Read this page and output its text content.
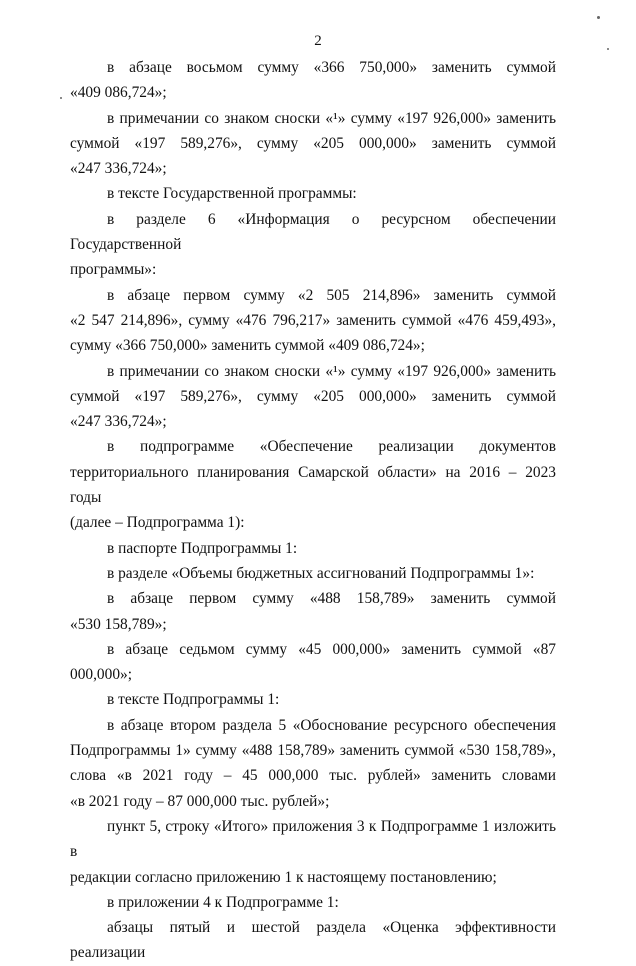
2
в абзаце восьмом сумму «366 750,000» заменить суммой
«409 086,724»;
в примечании со знаком сноски «¹» сумму «197 926,000» заменить
суммой «197 589,276», сумму «205 000,000» заменить суммой
«247 336,724»;
в тексте Государственной программы:
в разделе 6 «Информация о ресурсном обеспечении Государственной
программы»:
в абзаце первом сумму «2 505 214,896» заменить суммой
«2 547 214,896», сумму «476 796,217» заменить суммой «476 459,493»,
сумму «366 750,000» заменить суммой «409 086,724»;
в примечании со знаком сноски «¹» сумму «197 926,000» заменить
суммой «197 589,276», сумму «205 000,000» заменить суммой
«247 336,724»;
в подпрограмме «Обеспечение реализации документов
территориального планирования Самарской области» на 2016 – 2023 годы
(далее – Подпрограмма 1):
в паспорте Подпрограммы 1:
в разделе «Объемы бюджетных ассигнований Подпрограммы 1»:
в абзаце первом сумму «488 158,789» заменить суммой
«530 158,789»;
в абзаце седьмом сумму «45 000,000» заменить суммой «87 000,000»;
в тексте Подпрограммы 1:
в абзаце втором раздела 5 «Обоснование ресурсного обеспечения
Подпрограммы 1» сумму «488 158,789» заменить суммой «530 158,789»,
слова «в 2021 году – 45 000,000 тыс. рублей» заменить словами
«в 2021 году – 87 000,000 тыс. рублей»;
пункт 5, строку «Итого» приложения 3 к Подпрограмме 1 изложить в
редакции согласно приложению 1 к настоящему постановлению;
в приложении 4 к Подпрограмме 1:
абзацы пятый и шестой раздела «Оценка эффективности реализации
